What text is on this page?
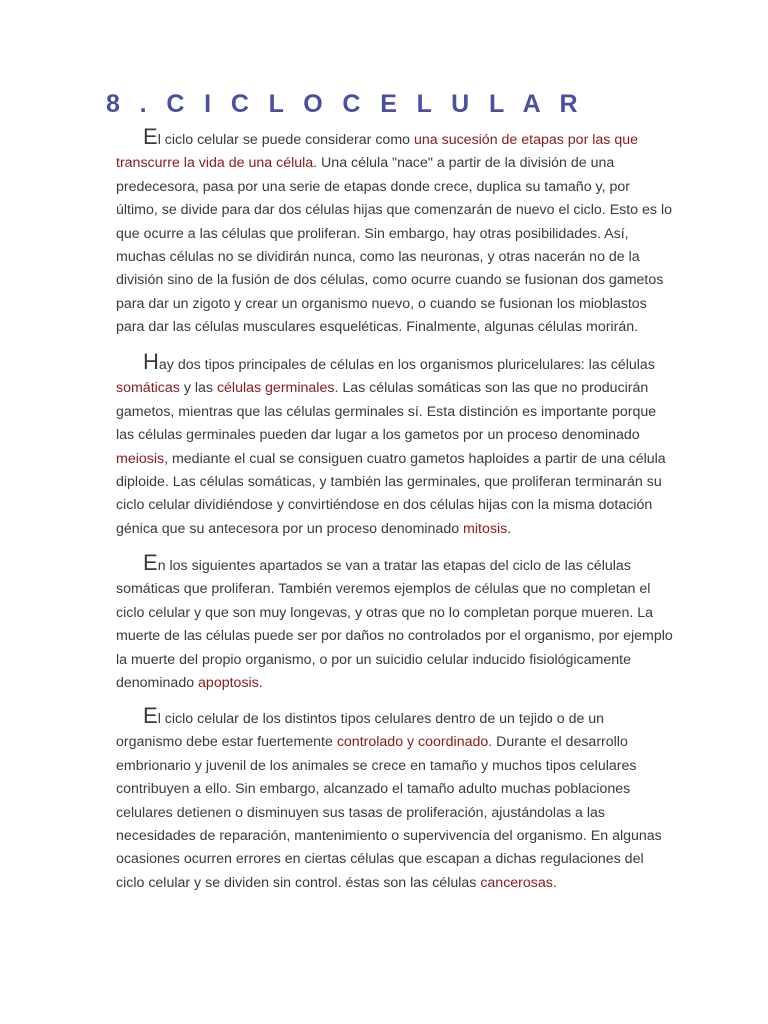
8 . C I C L O C E L U L A R

El ciclo celular se puede considerar como una sucesión de etapas por las que
transcurre la vida de una célula. Una célula "nace" a partir de la división de una
predecesora, pasa por una serie de etapas donde crece, duplica su tamaño y, por
último, se divide para dar dos células hijas que comenzarán de nuevo el ciclo. Esto es lo
que ocurre a las células que proliferan. Sin embargo, hay otras posibilidades. Así,
muchas células no se dividirán nunca, como las neuronas, y otras nacerán no de la
división sino de la fusión de dos células, como ocurre cuando se fusionan dos gametos
para dar un zigoto y crear un organismo nuevo, o cuando se fusionan los mioblastos
para dar las células musculares esqueléticas. Finalmente, algunas células morirán.

Hay dos tipos principales de células en los organismos pluricelulares: las células
somáticas y las células germinales. Las células somáticas son las que no producirán
gametos, mientras que las células germinales sí. Esta distinción es importante porque
las células germinales pueden dar lugar a los gametos por un proceso denominado
meiosis, mediante el cual se consiguen cuatro gametos haploides a partir de una célula
diploide. Las células somáticas, y también las germinales, que proliferan terminarán su
ciclo celular dividiéndose y convirtiéndose en dos células hijas con la misma dotación
génica que su antecesora por un proceso denominado mitosis.

En los siguientes apartados se van a tratar las etapas del ciclo de las células
somáticas que proliferan. También veremos ejemplos de células que no completan el
ciclo celular y que son muy longevas, y otras que no lo completan porque mueren. La
muerte de las células puede ser por daños no controlados por el organismo, por ejemplo
la muerte del propio organismo, o por un suicidio celular inducido fisiológicamente
denominado apoptosis.

El ciclo celular de los distintos tipos celulares dentro de un tejido o de un
organismo debe estar fuertemente controlado y coordinado. Durante el desarrollo
embrionario y juvenil de los animales se crece en tamaño y muchos tipos celulares
contribuyen a ello. Sin embargo, alcanzado el tamaño adulto muchas poblaciones
celulares detienen o disminuyen sus tasas de proliferación, ajustándolas a las
necesidades de reparación, mantenimiento o supervivencia del organismo. En algunas
ocasiones ocurren errores en ciertas células que escapan a dichas regulaciones del
ciclo celular y se dividen sin control. éstas son las células cancerosas.
